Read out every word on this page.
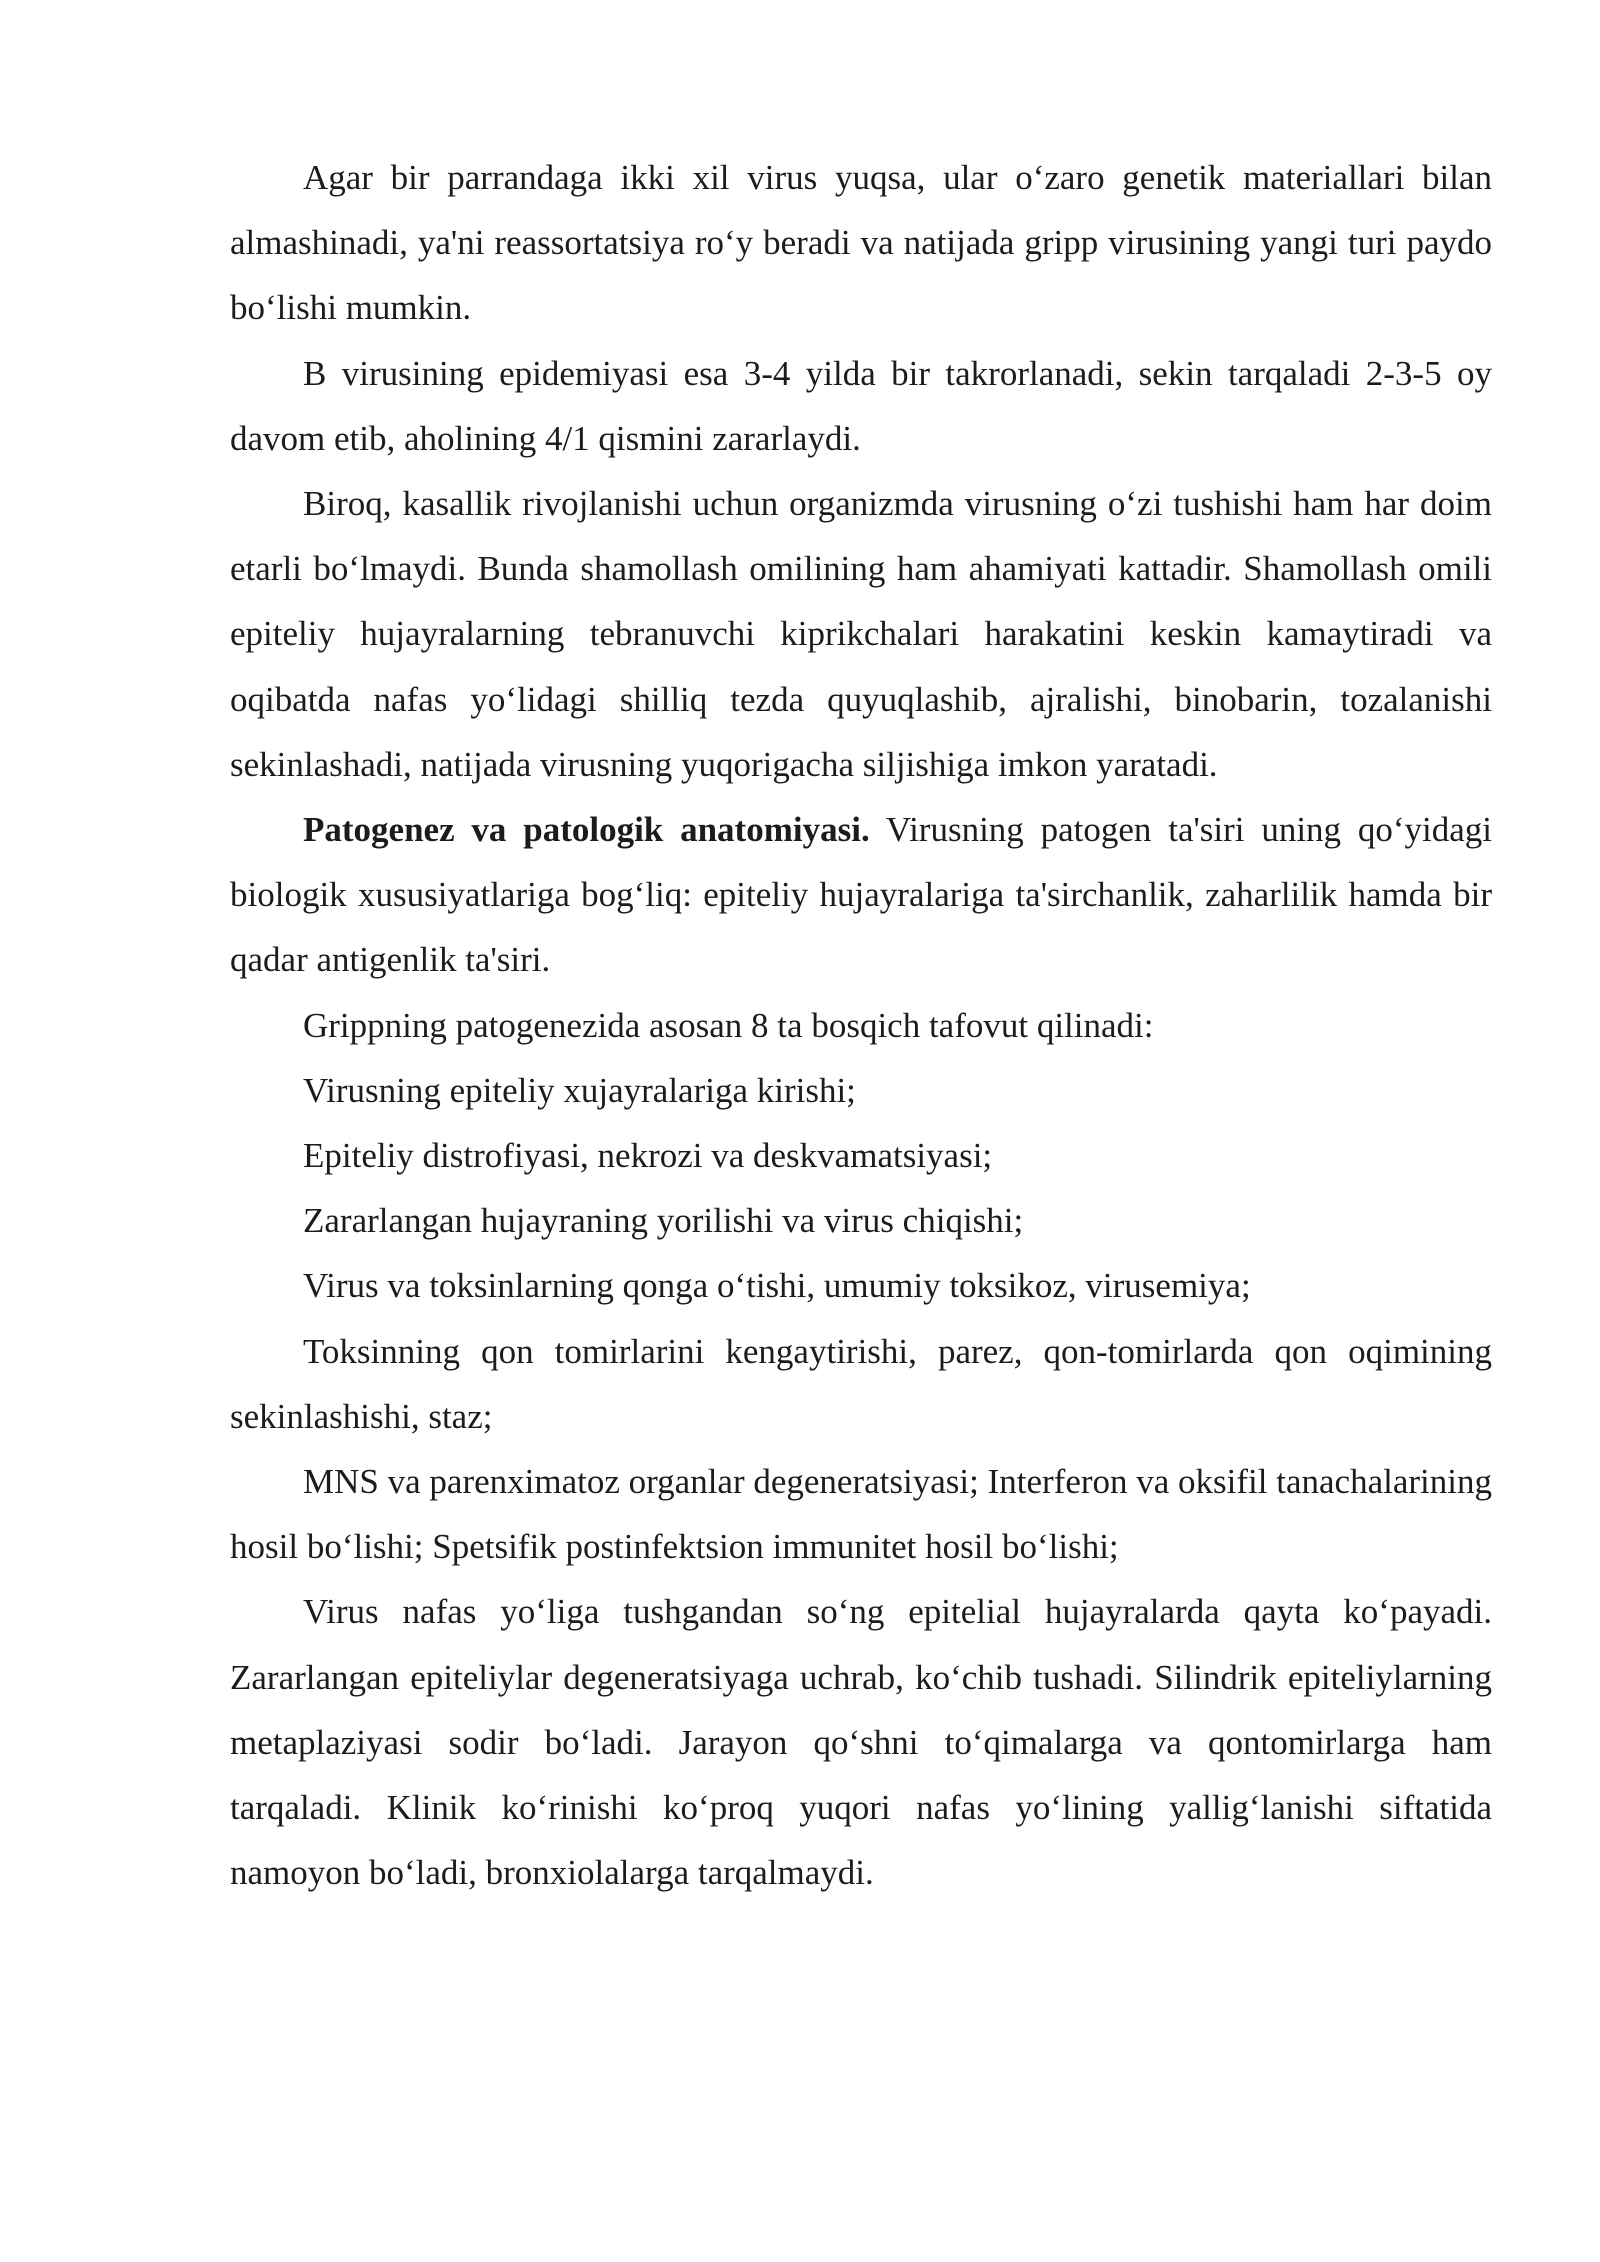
Agar bir parrandaga ikki xil virus yuqsa, ular oʻzaro genetik materiallari bilan almashinadi, ya'ni reassortatsiya roʻy beradi va natijada gripp virusining yangi turi paydo boʻlishi mumkin.

B virusining epidemiyasi esa 3-4 yilda bir takrorlanadi, sekin tarqaladi 2-3-5 oy davom etib, aholining 4/1 qismini zararlaydi.

Biroq, kasallik rivojlanishi uchun organizmda virusning oʻzi tushishi ham har doim etarli boʻlmaydi. Bunda shamollash omilining ham ahamiyati kattadir. Shamollash omili epiteliy hujayralarning tebranuvchi kiprikchalari harakatini keskin kamaytiradi va oqibatda nafas yoʻlidagi shilliq tezda quyuqlashib, ajralishi, binobarin, tozalanishi sekinlashadi, natijada virusning yuqorigacha siljishiga imkon yaratadi.

Patogenez va patologik anatomiyasi. Virusning patogen ta'siri uning qoʻyidagi biologik xususiyatlariga bogʻliq: epiteliy hujayralariga ta'sirchanlik, zaharlilik hamda bir qadar antigenlik ta'siri.

Grippning patogenezida asosan 8 ta bosqich tafovut qilinadi:

Virusning epiteliy xujayralariga kirishi;

Epiteliy distrofiyasi, nekrozi va deskvamatsiyasi;

Zararlangan hujayraning yorilishi va virus chiqishi;

Virus va toksinlarning qonga oʻtishi, umumiy toksikoz, virusemiya;

Toksinning qon tomirlarini kengaytirishi, parez, qon-tomirlarda qon oqimining sekinlashishi, staz;

MNS va parenximatoz organlar degeneratsiyasi; Interferon va oksifil tanachalarining hosil boʻlishi; Spetsifik postinfektsion immunitet hosil boʻlishi;

Virus nafas yoʻliga tushgandan soʻng epitelial hujayralarda qayta koʻpayadi. Zararlangan epiteliylar degeneratsiyaga uchrab, koʻchib tushadi. Silindrik epiteliylarning metaplaziyasi sodir boʻladi. Jarayon qoʻshni toʻqimalarga va qontomirlarga ham tarqaladi. Klinik koʻrinishi koʻproq yuqori nafas yoʻlining yalligʻlanishi siftatida namoyon boʻladi, bronxiolalarga tarqalmaydi.
